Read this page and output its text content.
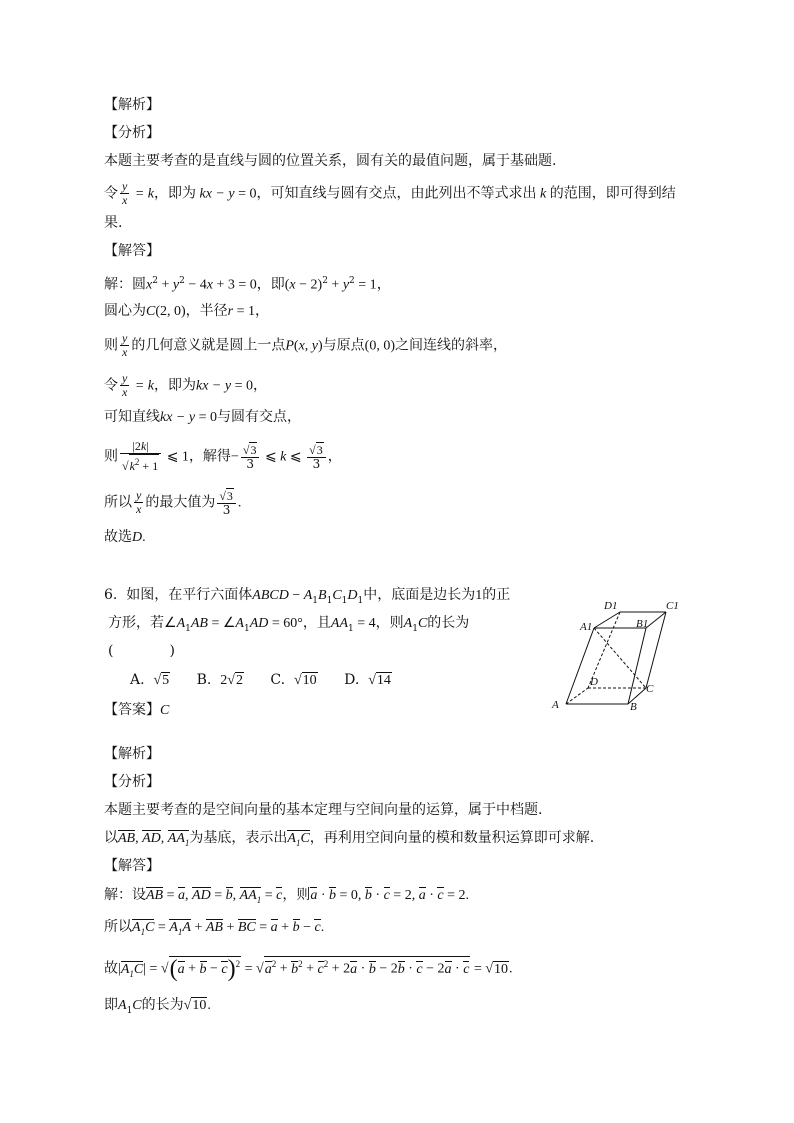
【解析】
【分析】
本题主要考查的是直线与圆的位置关系，圆有关的最值问题，属于基础题.
令 $\frac{y}{x} = k$，即为 kx − y = 0，可知直线与圆有交点，由此列出不等式求出 k 的范围，即可得到结
果.
【解答】
解：圆$x^2 + y^2 - 4x + 3 = 0$，即$(x - 2)^2 + y^2 = 1$，
圆心为C(2, 0)，半径r = 1，
则 $\frac{y}{x}$ 的几何意义就是圆上一点P(x, y)与原点(0, 0)之间连线的斜率，
令 $\frac{y}{x} = k$，即为kx − y = 0，
可知直线kx − y = 0与圆有交点，
则 $\frac{|2k|}{√k^2 + 1}$ ⩽ 1，解得− $\frac{√3}{3}$ ⩽ k ⩽ $\frac{√3}{3}$ ，
所以 $\frac{y}{x}$ 的最大值为 $\frac{√3}{3}$ .
故选D.
6. 如图，在平行六面体ABCD − $A_1B_1C_1D_1$中，底面是边长为1的正
方形，若$\angle A_1AB$ = $\angle A_1AD = 60^\circ$，且$AA_1 = 4$，则$A_1C$的长为
(　　　　)
A. √5 B. 2√2 C. √10 D. √14
【答案】C
D1	C1
A1	B1
D
C
A	B
【解析】
【分析】
本题主要考查的是空间向量的基本定理与空间向量的运算，属于中档题.
以AB, AD, $AA_1$为基底，表示出$A_1C$，再利用空间向量的模和数量积运算即可求解.
【解答】
解：设AB = a, AD = b, $AA_1 = c$，则a · b = 0, b · c = 2, a · c = 2.
所以$A_1C = A_1A$ + AB + BC = a + b − c.
故$|A_1C| = √(a + b - c)^2 = √a^2 + b^2 + c^2 + 2a \cdot b - 2b \cdot c - 2a \cdot c = √10$.
即$A_1C$的长为√10.
